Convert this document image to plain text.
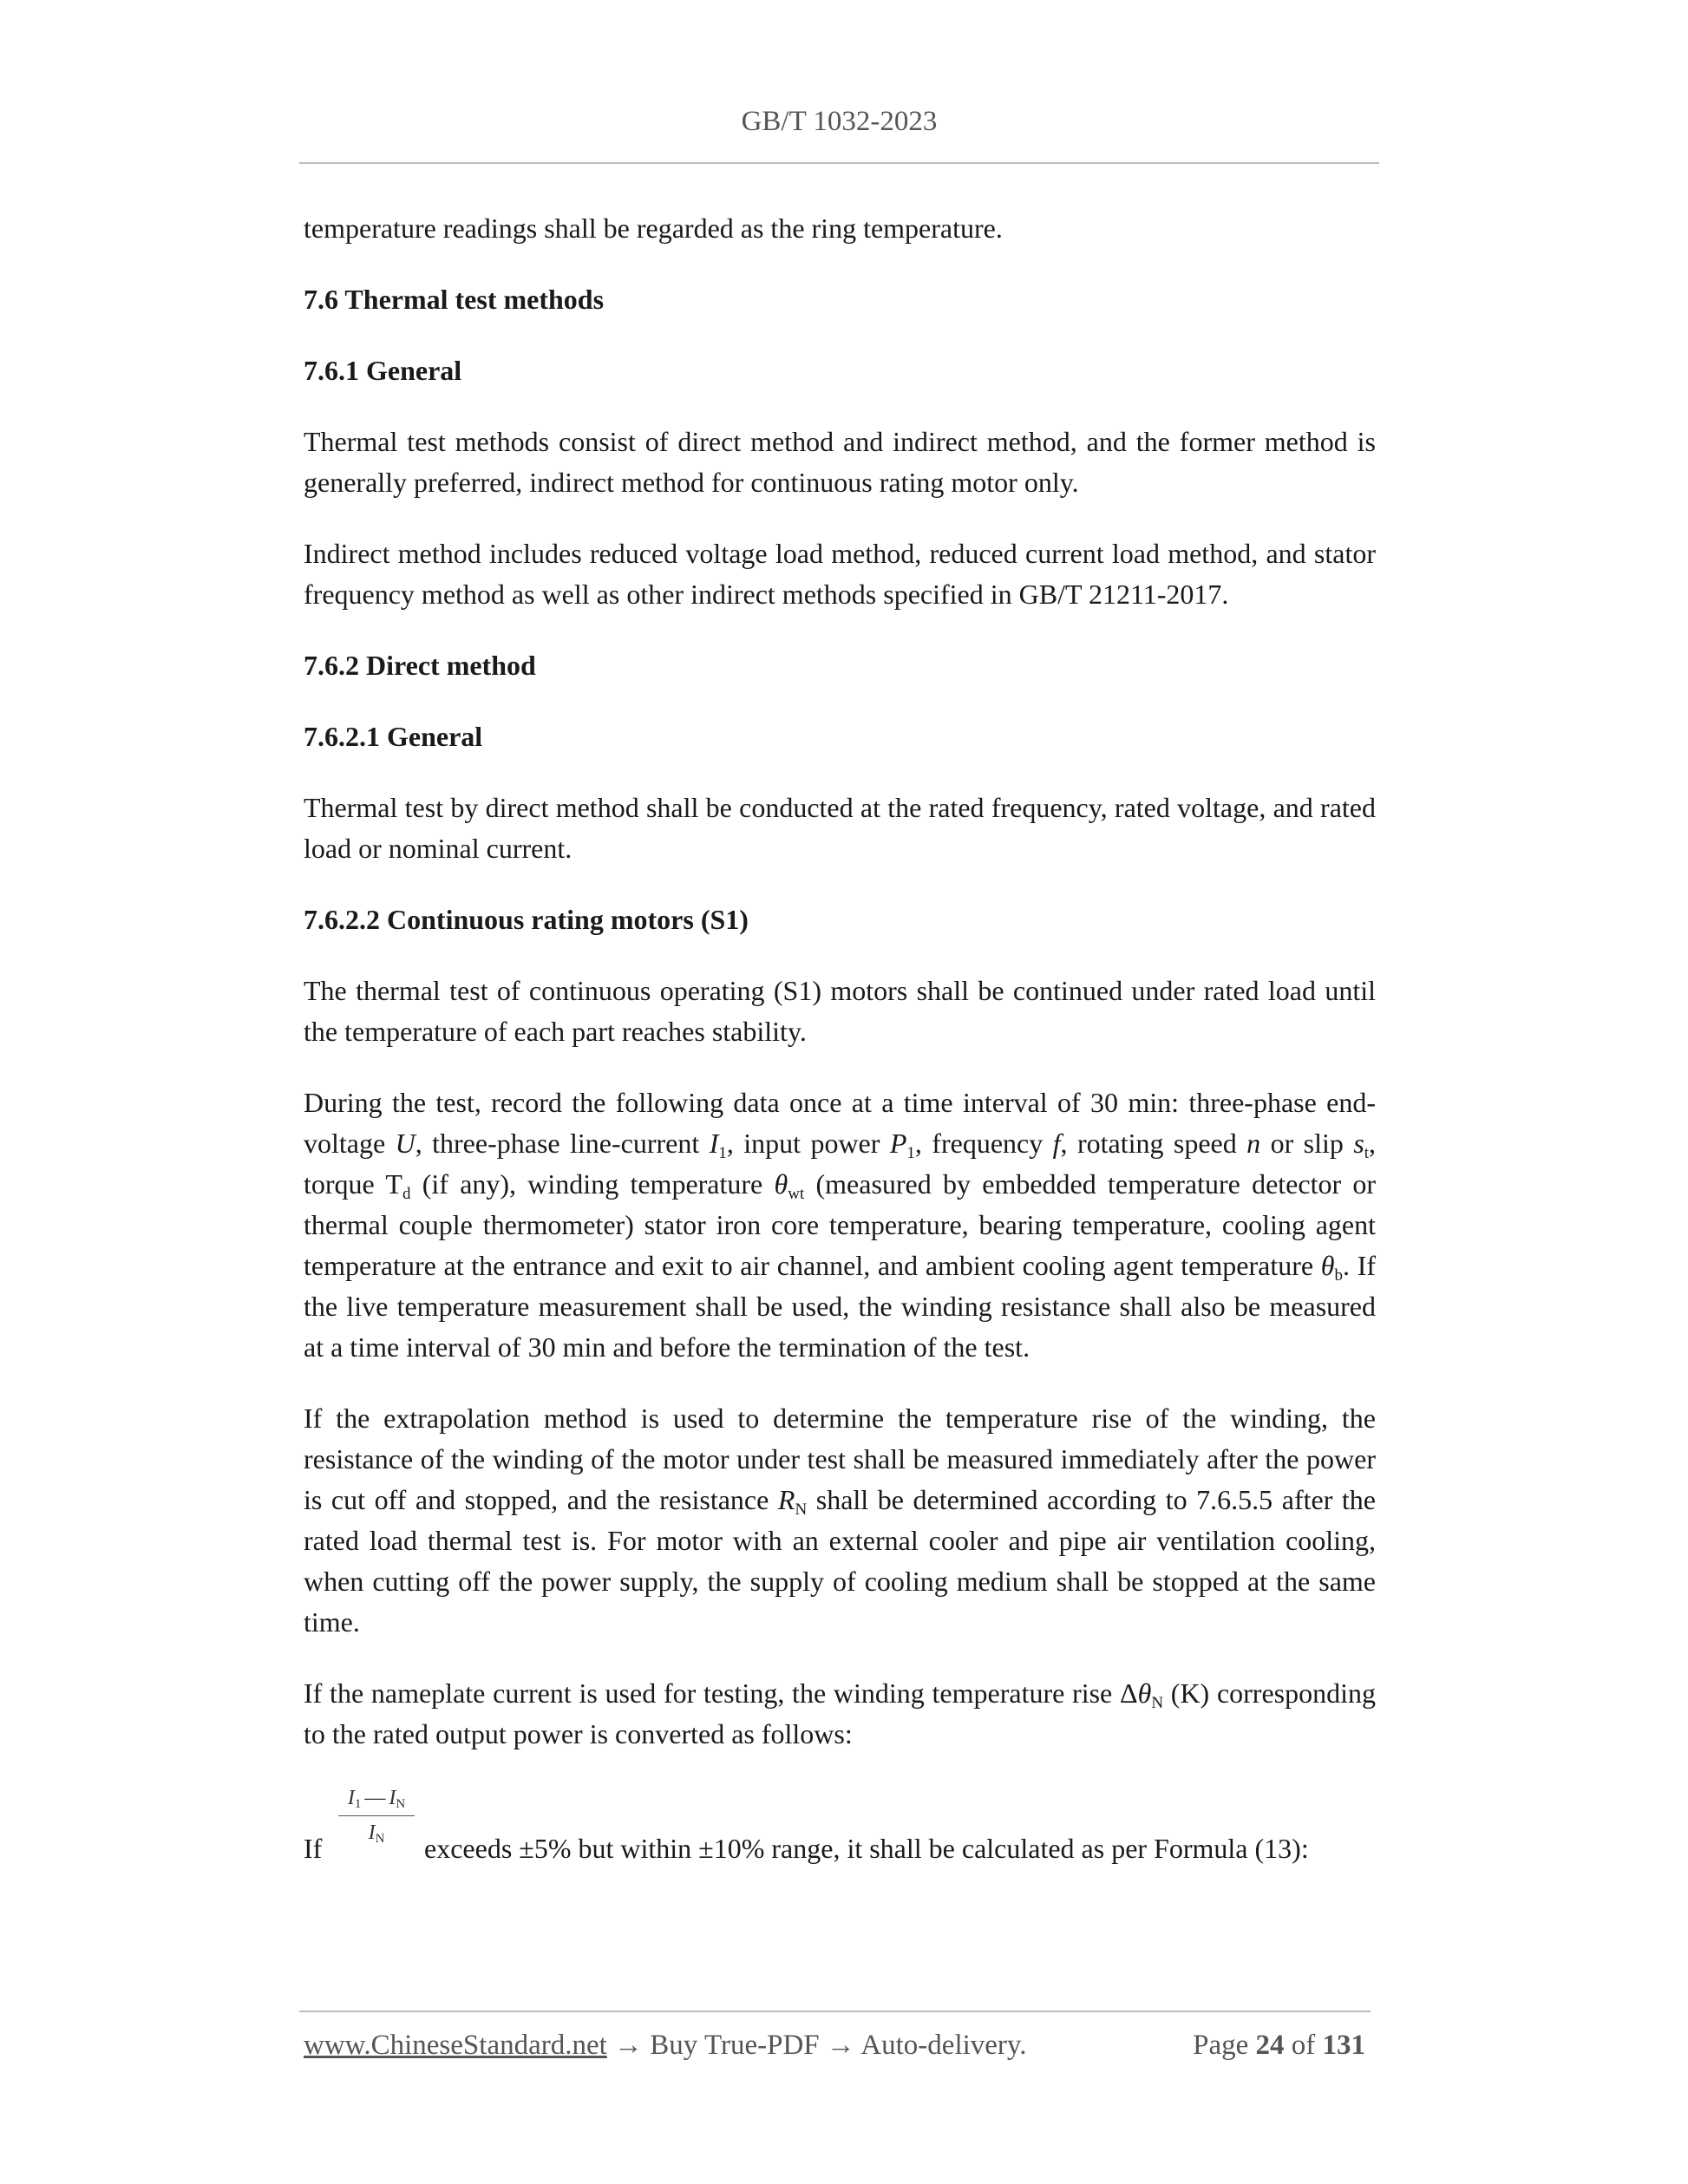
GB/T 1032-2023

temperature readings shall be regarded as the ring temperature.

7.6 Thermal test methods
7.6.1 General

Thermal test methods consist of direct method and indirect method, and the former method is generally preferred, indirect method for continuous rating motor only.

Indirect method includes reduced voltage load method, reduced current load method, and stator frequency method as well as other indirect methods specified in GB/T 21211-2017.

7.6.2 Direct method
7.6.2.1 General

Thermal test by direct method shall be conducted at the rated frequency, rated voltage, and rated load or nominal current.

7.6.2.2 Continuous rating motors (S1)

The thermal test of continuous operating (S1) motors shall be continued under rated load until the temperature of each part reaches stability.

During the test, record the following data once at a time interval of 30 min: three-phase end-voltage U, three-phase line-current $I_1$, input power $P_1$, frequency f, rotating speed n or slip $s_t$, torque $T_d$ (if any), winding temperature $\theta_{wt}$ (measured by embedded temperature detector or thermal couple thermometer) stator iron core temperature, bearing temperature, cooling agent temperature at the entrance and exit to air channel, and ambient cooling agent temperature $\theta_b$. If the live temperature measurement shall be used, the winding resistance shall also be measured at a time interval of 30 min and before the termination of the test.

If the extrapolation method is used to determine the temperature rise of the winding, the resistance of the winding of the motor under test shall be measured immediately after the power is cut off and stopped, and the resistance $R_N$ shall be determined according to 7.6.5.5 after the rated load thermal test is. For motor with an external cooler and pipe air ventilation cooling, when cutting off the power supply, the supply of cooling medium shall be stopped at the same time.

If the nameplate current is used for testing, the winding temperature rise $\Delta\theta_N$ (K) corresponding to the rated output power is converted as follows:

If
$\frac{I_1 — I_N}{I_N}$
exceeds ±5% but within ±10% range, it shall be calculated as per Formula (13):
www.ChineseStandard.net → Buy True-PDF → Auto-delivery.	Page 24 of 131
